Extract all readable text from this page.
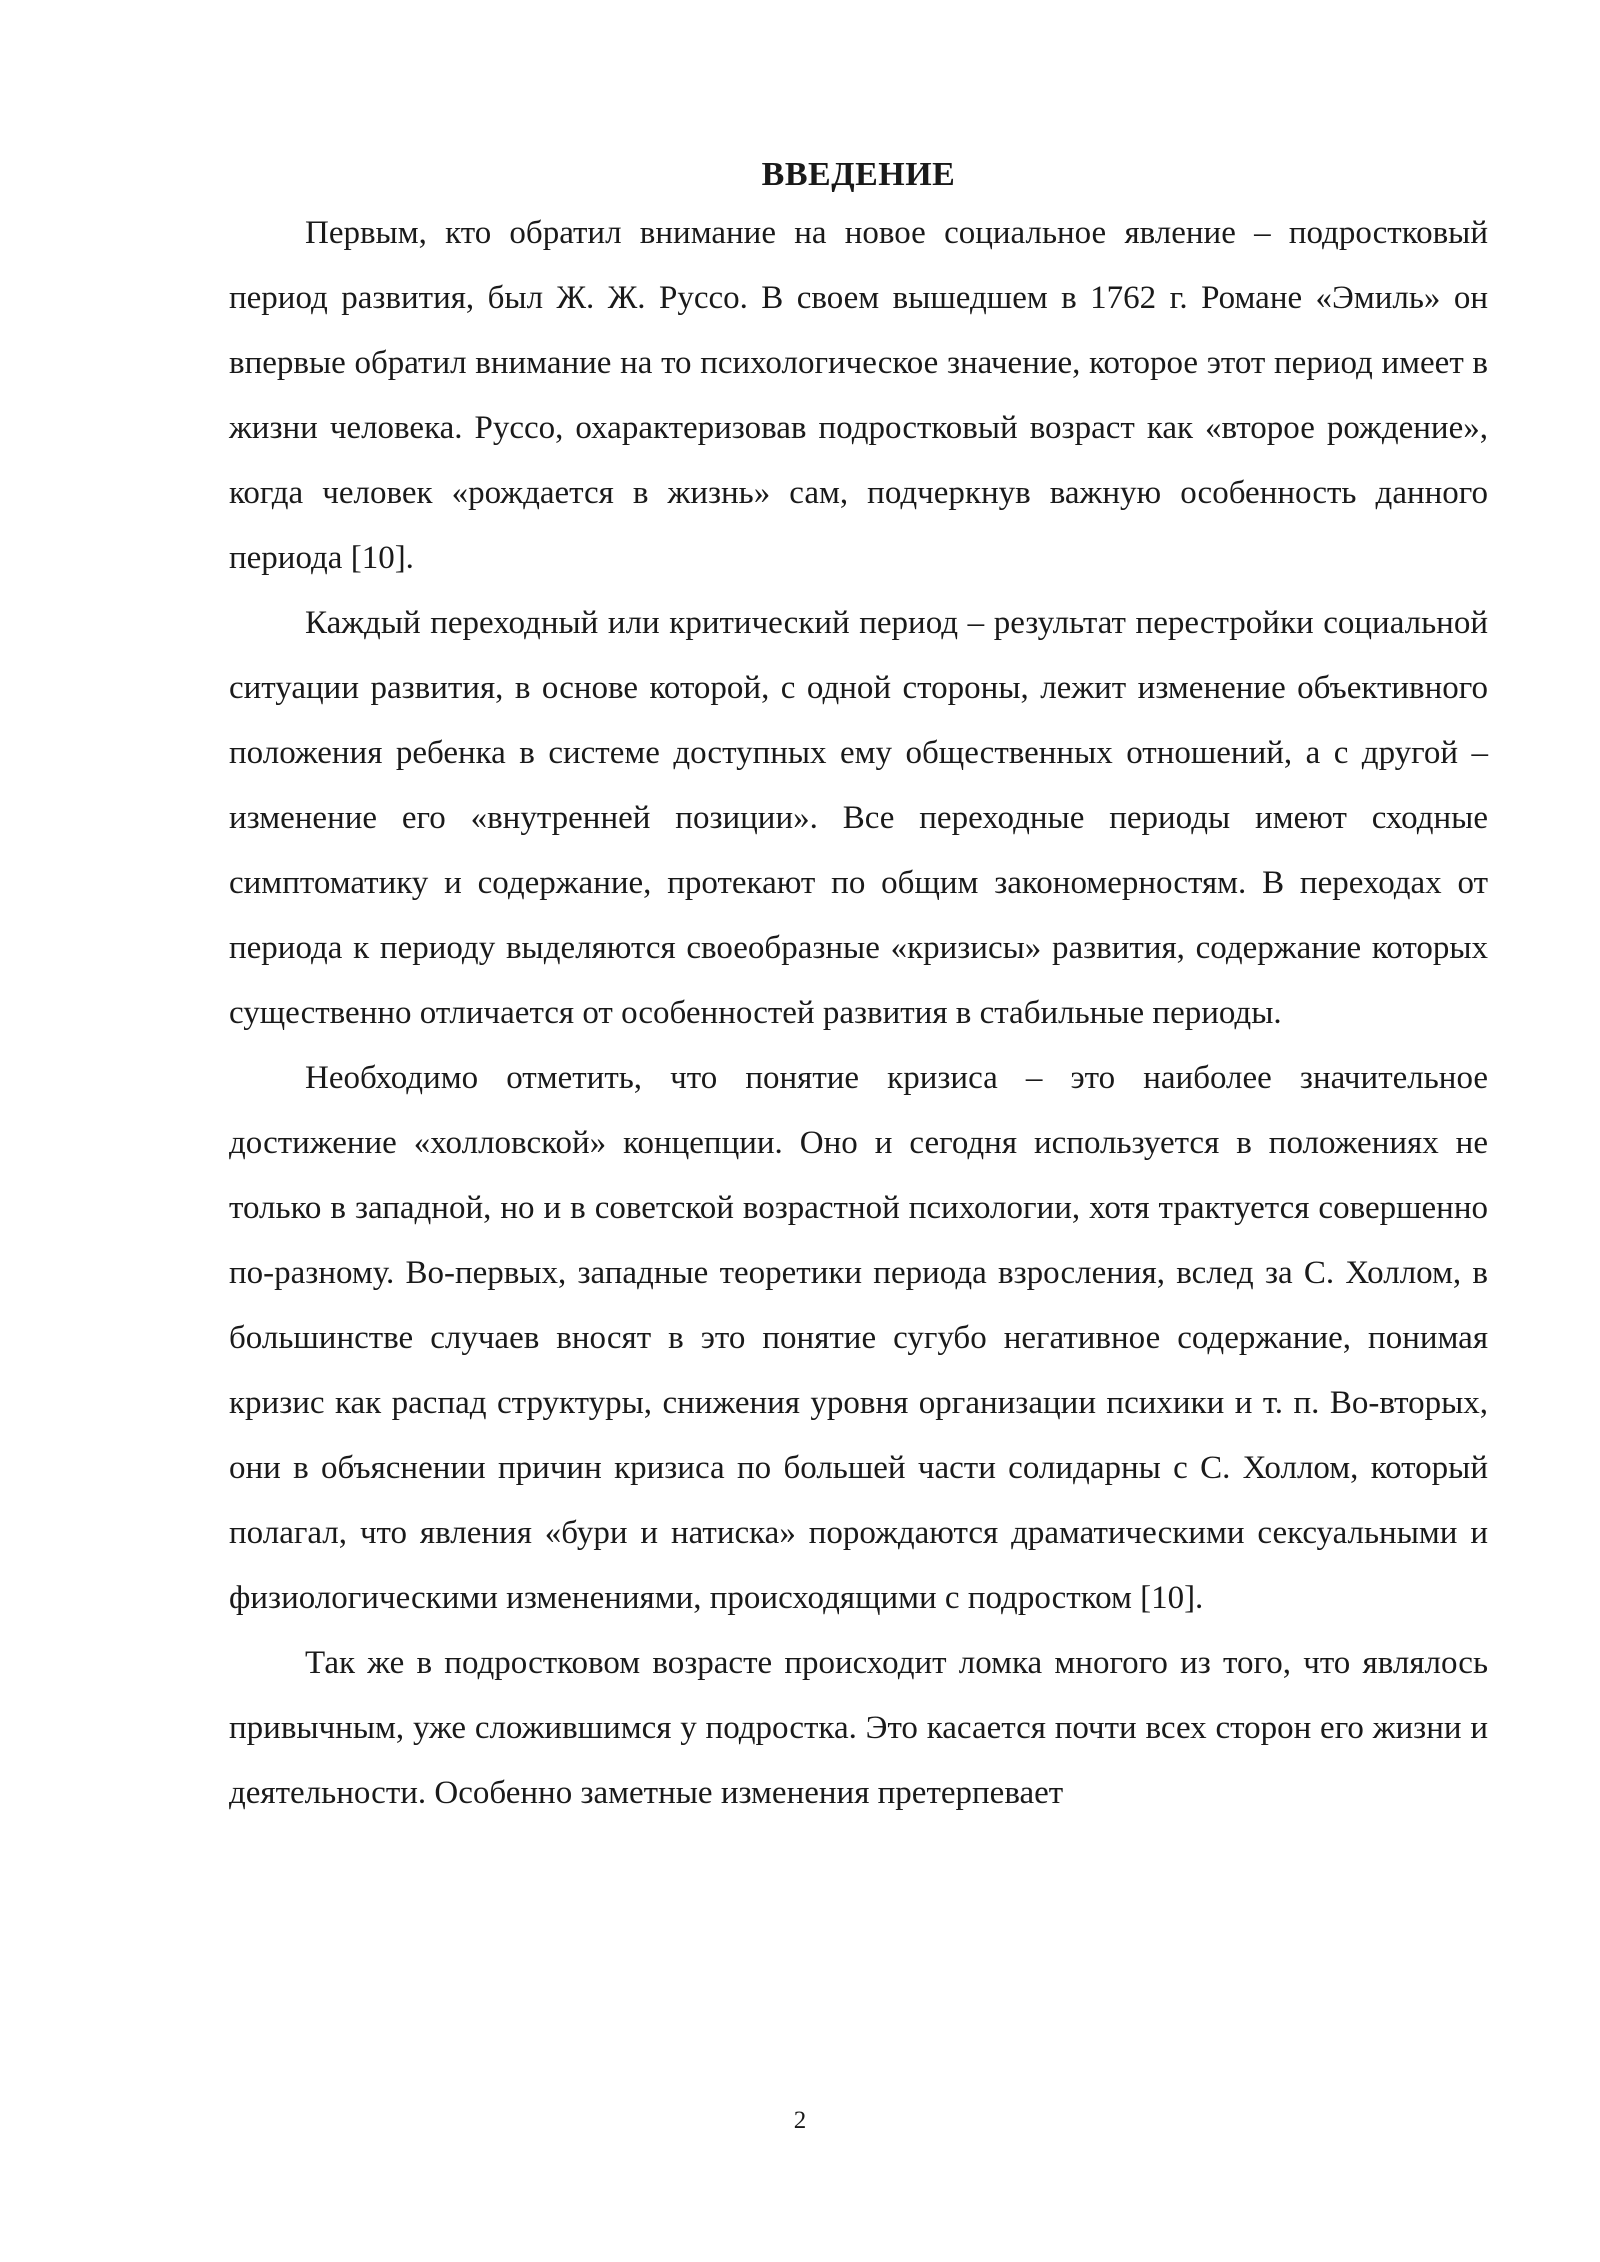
ВВЕДЕНИЕ

Первым, кто обратил внимание на новое социальное явление – подростковый период развития, был Ж. Ж. Руссо. В своем вышедшем в 1762 г. Романе «Эмиль» он впервые обратил внимание на то психологическое значение, которое этот период имеет в жизни человека. Руссо, охарактеризовав подростковый возраст как «второе рождение», когда человек «рождается в жизнь» сам, подчеркнув важную особенность данного периода [10].

Каждый переходный или критический период – результат перестройки социальной ситуации развития, в основе которой, с одной стороны, лежит изменение объективного положения ребенка в системе доступных ему общественных отношений, а с другой – изменение его «внутренней позиции». Все переходные периоды имеют сходные симптоматику и содержание, протекают по общим закономерностям. В переходах от периода к периоду выделяются своеобразные «кризисы» развития, содержание которых существенно отличается от особенностей развития в стабильные периоды.

Необходимо отметить, что понятие кризиса – это наиболее значительное достижение «холловской» концепции. Оно и сегодня используется в положениях не только в западной, но и в советской возрастной психологии, хотя трактуется совершенно по-разному. Во-первых, западные теоретики периода взросления, вслед за С. Холлом, в большинстве случаев вносят в это понятие сугубо негативное содержание, понимая кризис как распад структуры, снижения уровня организации психики и т. п. Во-вторых, они в объяснении причин кризиса по большей части солидарны с С. Холлом, который полагал, что явления «бури и натиска» порождаются драматическими сексуальными и физиологическими изменениями, происходящими с подростком [10].

Так же в подростковом возрасте происходит ломка многого из того, что являлось привычным, уже сложившимся у подростка. Это касается почти всех сторон его жизни и деятельности. Особенно заметные изменения претерпевает

2
